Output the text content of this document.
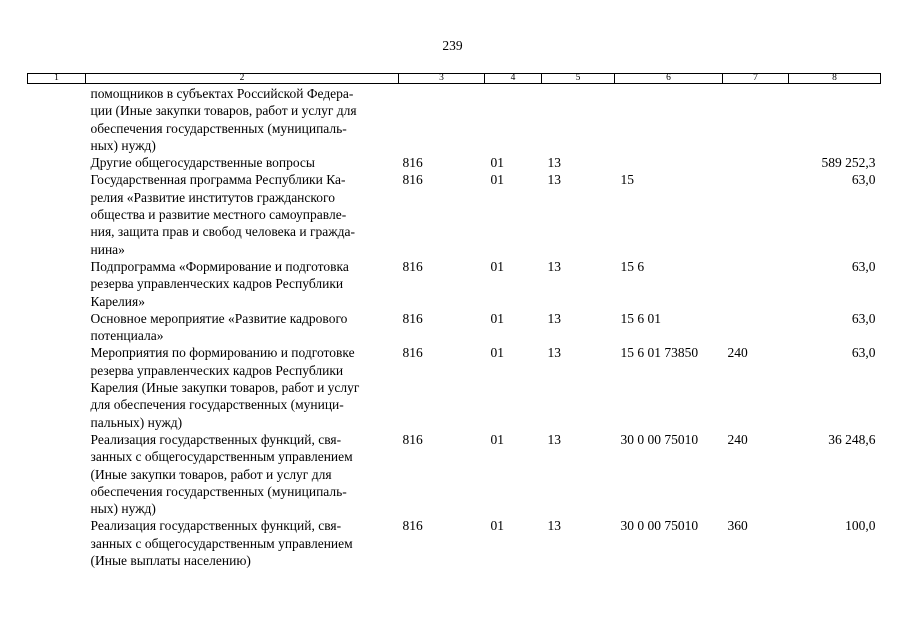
239
1	2	3	4	5	6	7	8
	помощников в субъектах Российской Федера-
ции (Иные закупки товаров, работ и услуг для
обеспечения государственных (муниципаль-
ных) нужд)						
	Другие общегосударственные вопросы	816	01	13			589 252,3
	Государственная программа Республики Ка-
релия «Развитие институтов гражданского
общества и развитие местного самоуправле-
ния, защита прав и свобод человека и гражда-
нина»	816	01	13	15		63,0
	Подпрограмма «Формирование и подготовка
резерва управленческих кадров Республики
Карелия»	816	01	13	15 6		63,0
	Основное мероприятие «Развитие кадрового
потенциала»	816	01	13	15 6 01		63,0
	Мероприятия по формированию и подготовке
резерва управленческих кадров Республики
Карелия (Иные закупки товаров, работ и услуг
для обеспечения государственных (муници-
пальных) нужд)	816	01	13	15 6 01 73850	240	63,0
	Реализация государственных функций, свя-
занных с общегосударственным управлением
(Иные закупки товаров, работ и услуг для
обеспечения государственных (муниципаль-
ных) нужд)	816	01	13	30 0 00 75010	240	36 248,6
	Реализация государственных функций, свя-
занных с общегосударственным управлением
(Иные выплаты населению)	816	01	13	30 0 00 75010	360	100,0
